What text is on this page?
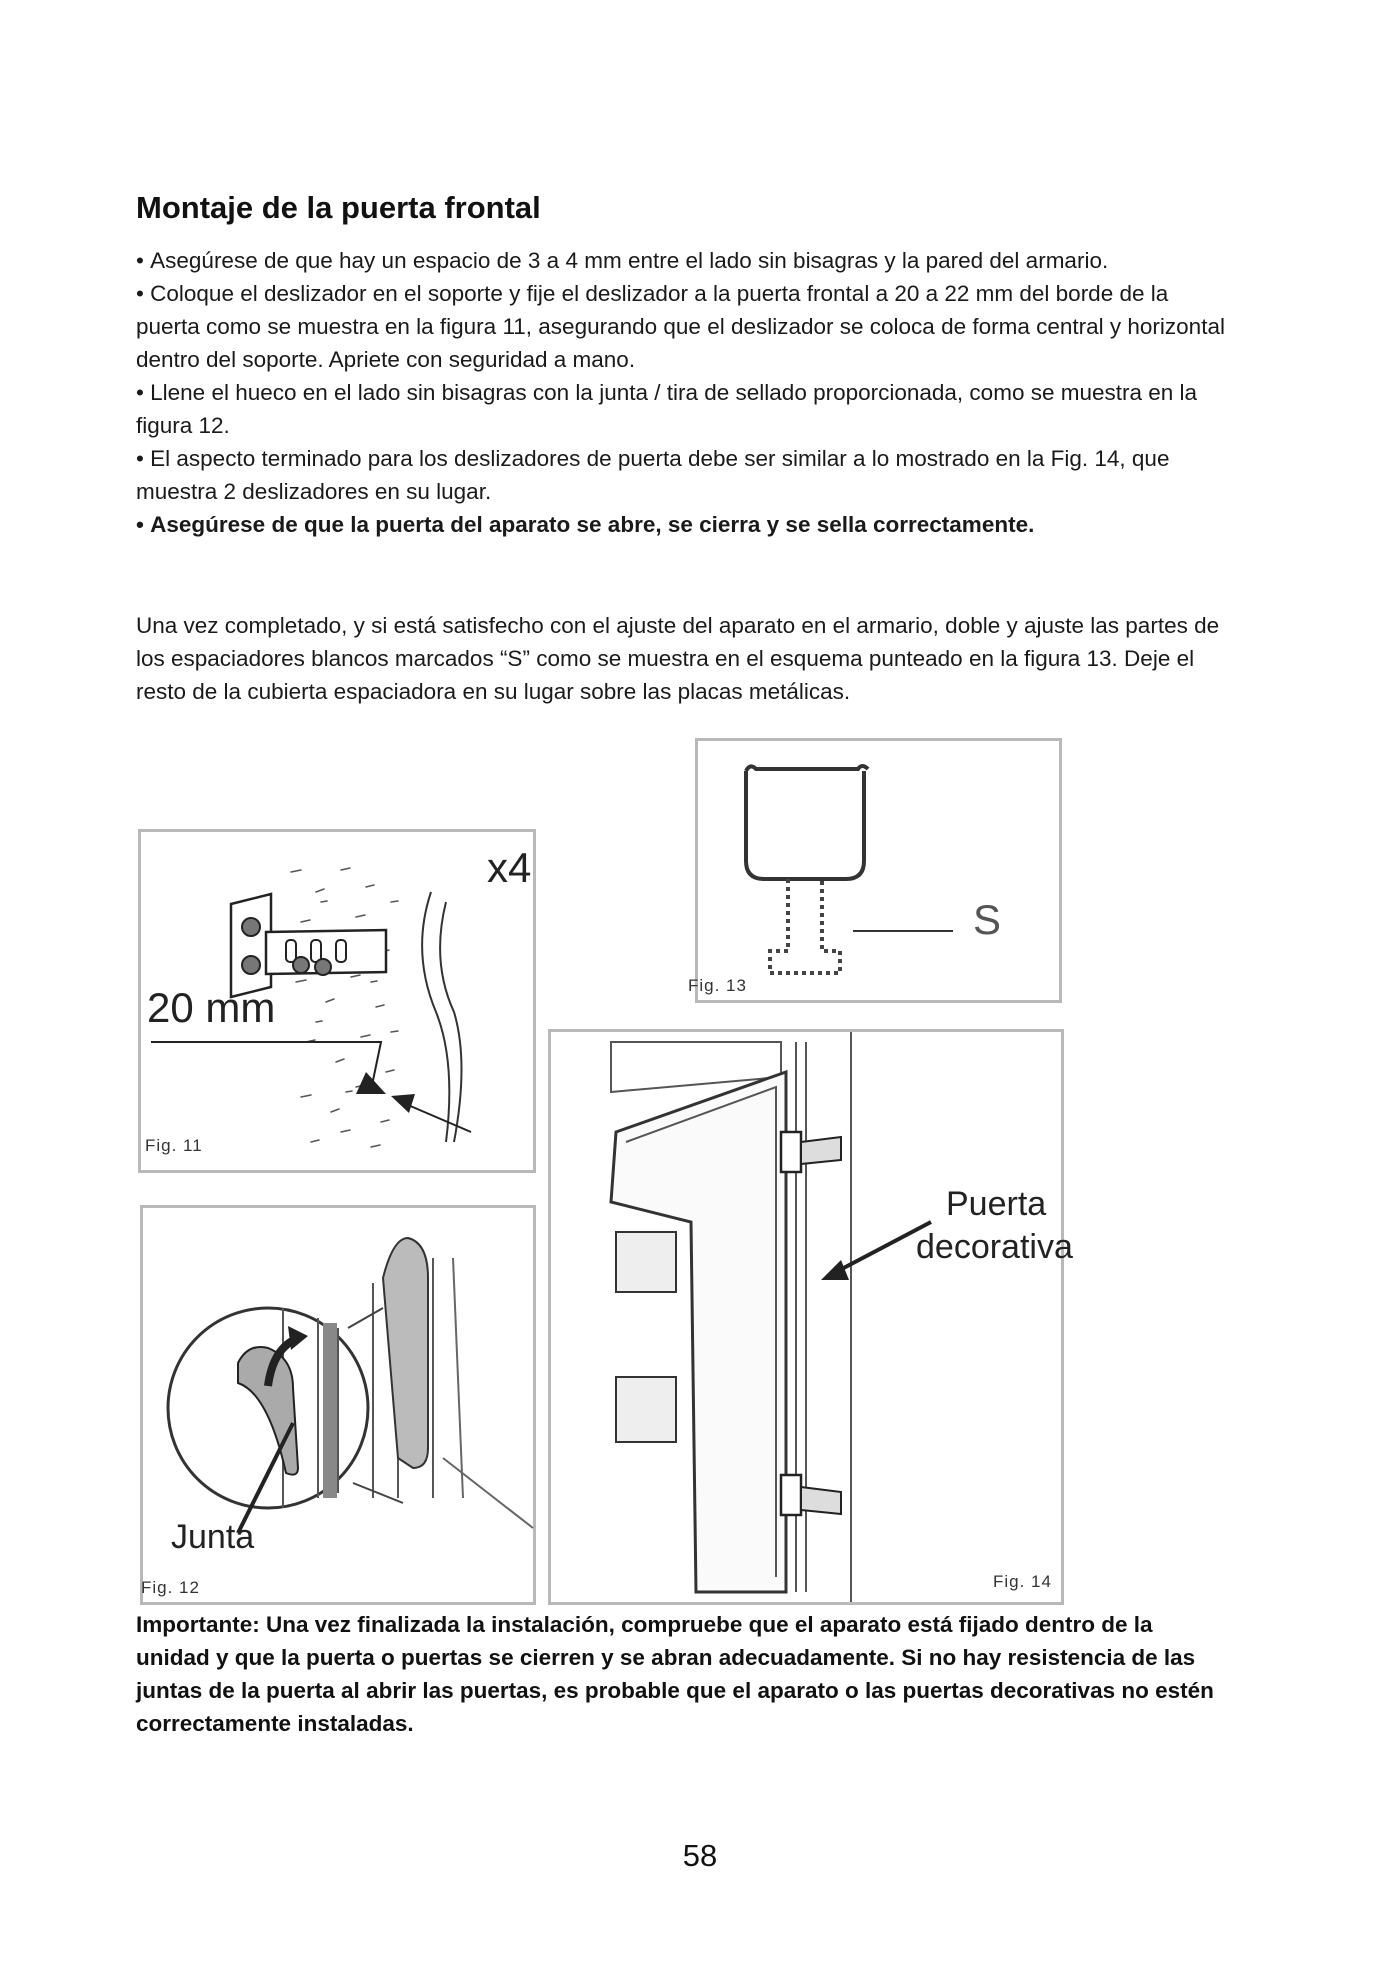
Montaje de la puerta frontal
• Asegúrese de que hay un espacio de 3 a 4 mm entre el lado sin bisagras y la pared del armario.
• Coloque el deslizador en el soporte y fije el deslizador a la puerta frontal a 20 a 22 mm del borde de la puerta como se muestra en la figura 11, asegurando que el deslizador se coloca de forma central y horizontal dentro del soporte. Apriete con seguridad a mano.
• Llene el hueco en el lado sin bisagras con la junta / tira de sellado proporcionada, como se muestra en la figura 12.
• El aspecto terminado para los deslizadores de puerta debe ser similar a lo mostrado en la Fig. 14, que muestra 2 deslizadores en su lugar.
• Asegúrese de que la puerta del aparato se abre, se cierra y se sella correctamente.

Una vez completado, y si está satisfecho con el ajuste del aparato en el armario, doble y ajuste las partes de los espaciadores blancos marcados “S” como se muestra en el esquema punteado en la figura 13. Deje el resto de la cubierta espaciadora en su lugar sobre las placas metálicas.

x4
20 mm
Fig. 11
S
Fig. 13
Junta
Fig. 12
Puerta
decorativa
Fig. 14

Importante: Una vez finalizada la instalación, compruebe que el aparato está fijado dentro de la unidad y que la puerta o puertas se cierren y se abran adecuadamente. Si no hay resistencia de las juntas de la puerta al abrir las puertas, es probable que el aparato o las puertas decorativas no estén correctamente instaladas.

58
